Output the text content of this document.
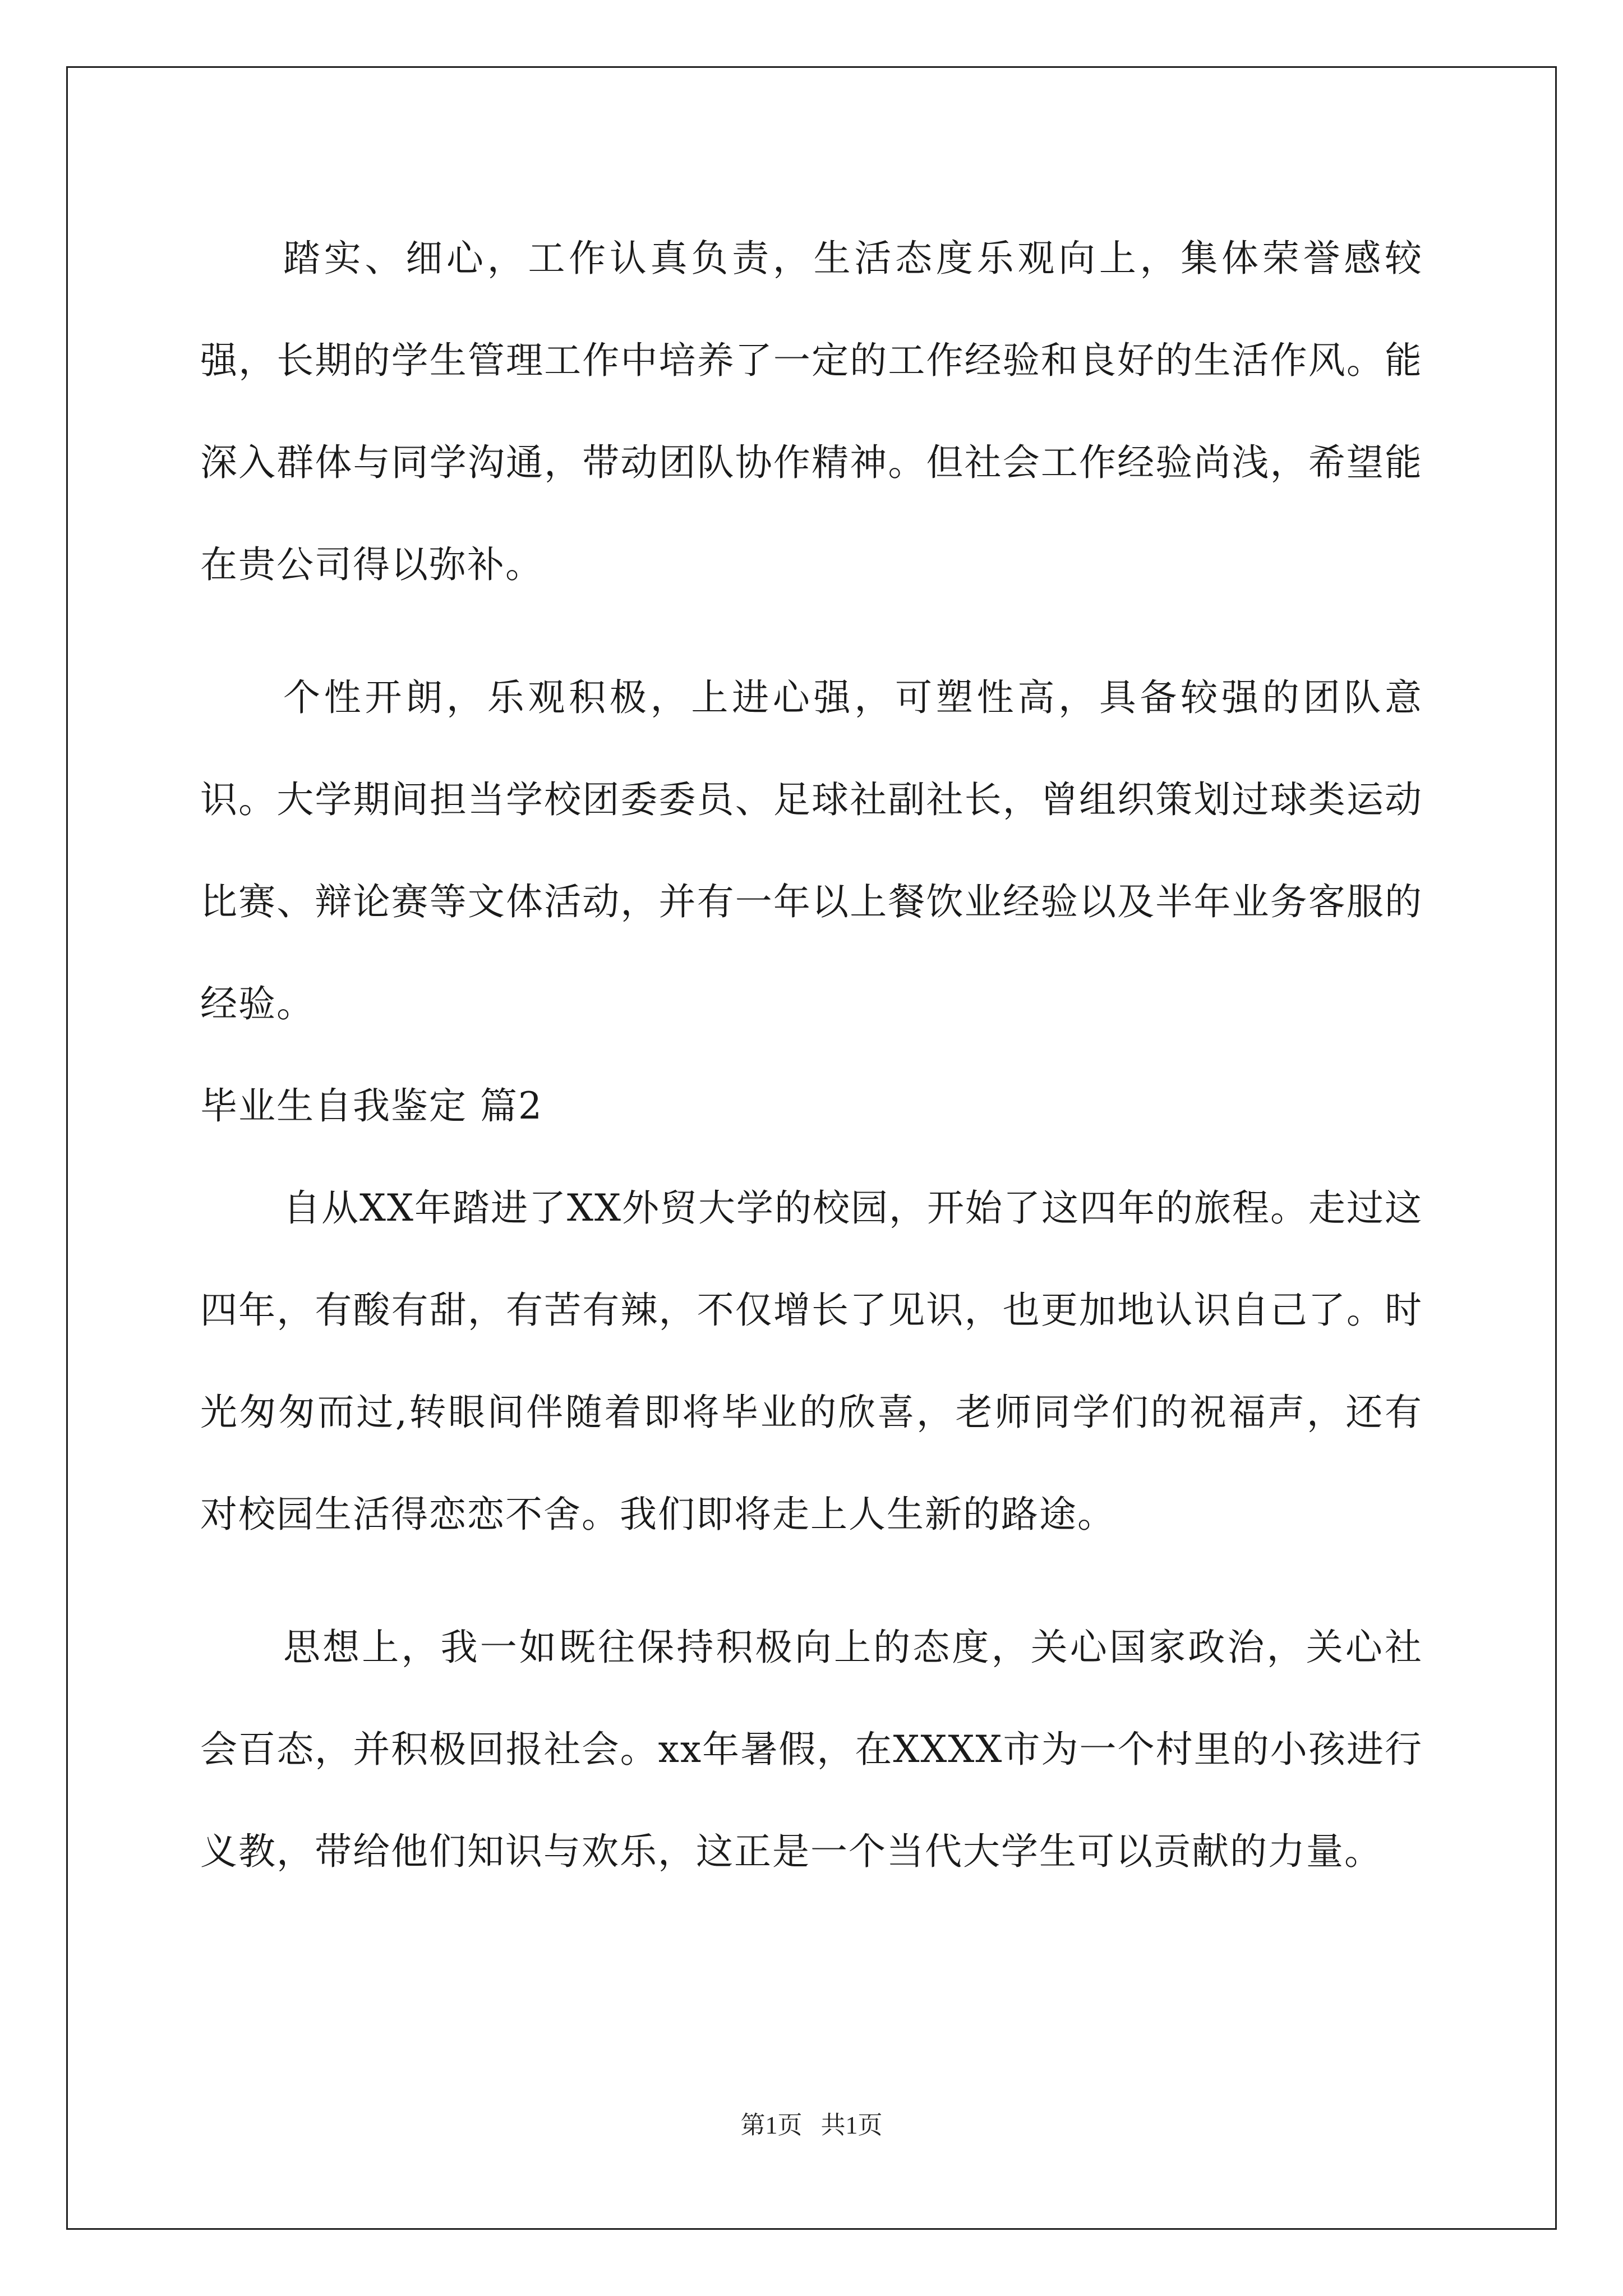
踏实、细心，工作认真负责，生活态度乐观向上，集体荣誉感较强，长期的学生管理工作中培养了一定的工作经验和良好的生活作风。能深入群体与同学沟通，带动团队协作精神。但社会工作经验尚浅，希望能在贵公司得以弥补。

个性开朗，乐观积极，上进心强，可塑性高，具备较强的团队意识。大学期间担当学校团委委员、足球社副社长，曾组织策划过球类运动比赛、辩论赛等文体活动，并有一年以上餐饮业经验以及半年业务客服的经验。

毕业生自我鉴定 篇2

自从XX年踏进了XX外贸大学的校园，开始了这四年的旅程。走过这四年，有酸有甜，有苦有辣，不仅增长了见识，也更加地认识自己了。时光匆匆而过,转眼间伴随着即将毕业的欣喜，老师同学们的祝福声，还有对校园生活得恋恋不舍。我们即将走上人生新的路途。

思想上，我一如既往保持积极向上的态度，关心国家政治，关心社会百态，并积极回报社会。xx年暑假，在XXXX市为一个村里的小孩进行义教，带给他们知识与欢乐，这正是一个当代大学生可以贡献的力量。

第1页 共1页
